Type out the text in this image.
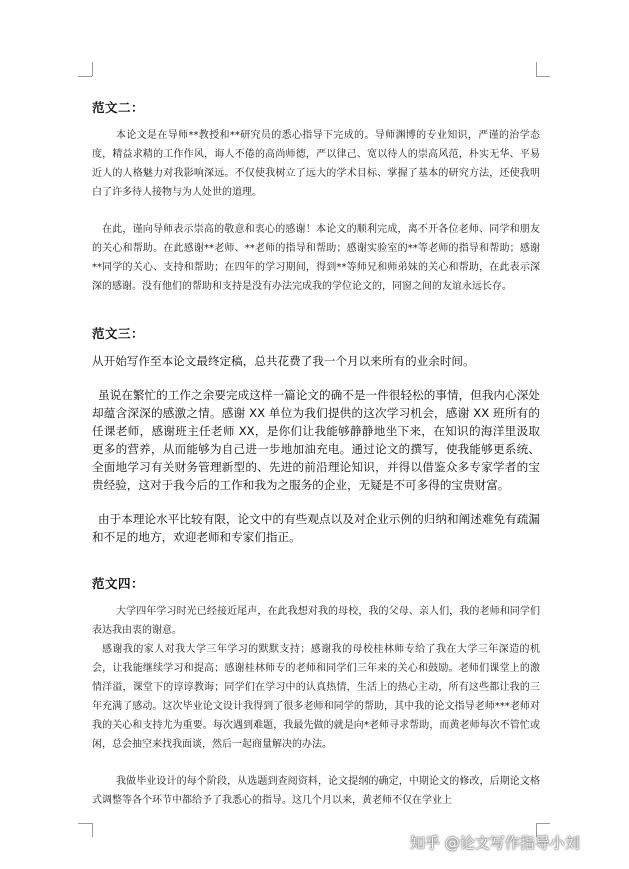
范文二：

本论文是在导师**教授和**研究员的悉心指导下完成的。导师渊博的专业知识，严谨的治学态度，精益求精的工作作风，诲人不倦的高尚师德，严以律己、宽以待人的崇高风范，朴实无华、平易近人的人格魅力对我影响深远。不仅使我树立了远大的学术目标、掌握了基本的研究方法，还使我明白了许多待人接物与为人处世的道理。

在此，谨向导师表示崇高的敬意和衷心的感谢！本论文的顺利完成，离不开各位老师、同学和朋友的关心和帮助。在此感谢**老师、**老师的指导和帮助；感谢实验室的**等老师的指导和帮助；感谢**同学的关心、支持和帮助；在四年的学习期间，得到**等师兄和师弟妹的关心和帮助，在此表示深深的感谢。没有他们的帮助和支持是没有办法完成我的学位论文的，同窗之间的友谊永远长存。

范文三：

从开始写作至本论文最终定稿，总共花费了我一个月以来所有的业余时间。

虽说在繁忙的工作之余要完成这样一篇论文的确不是一件很轻松的事情，但我内心深处却蕴含深深的感激之情。感谢 XX 单位为我们提供的这次学习机会，感谢 XX 班所有的任课老师，感谢班主任老师 XX，是你们让我能够静静地坐下来，在知识的海洋里汲取更多的营养，从而能够为自己进一步地加油充电。通过论文的撰写，使我能够更系统、全面地学习有关财务管理新型的、先进的前沿理论知识，并得以借鉴众多专家学者的宝贵经验，这对于我今后的工作和我为之服务的企业，无疑是不可多得的宝贵财富。

由于本理论水平比较有限，论文中的有些观点以及对企业示例的归纳和阐述难免有疏漏和不足的地方，欢迎老师和专家们指正。

范文四：

大学四年学习时光已经接近尾声，在此我想对我的母校，我的父母、亲人们，我的老师和同学们表达我由衷的谢意。

感谢我的家人对我大学三年学习的默默支持；感谢我的母校桂林师专给了我在大学三年深造的机会，让我能继续学习和提高；感谢桂林师专的老师和同学们三年来的关心和鼓励。老师们课堂上的激情洋溢，课堂下的谆谆教诲；同学们在学习中的认真热情，生活上的热心主动，所有这些都让我的三年充满了感动。这次毕业论文设计我得到了很多老师和同学的帮助，其中我的论文指导老师***老师对我的关心和支持尤为重要。每次遇到难题，我最先做的就是向*老师寻求帮助，而黄老师每次不管忙或闲，总会抽空来找我面谈，然后一起商量解决的办法。

我做毕业设计的每个阶段，从选题到查阅资料，论文提纲的确定，中期论文的修改，后期论文格式调整等各个环节中都给予了我悉心的指导。这几个月以来，黄老师不仅在学业上

知乎 @论文写作指导小刘
